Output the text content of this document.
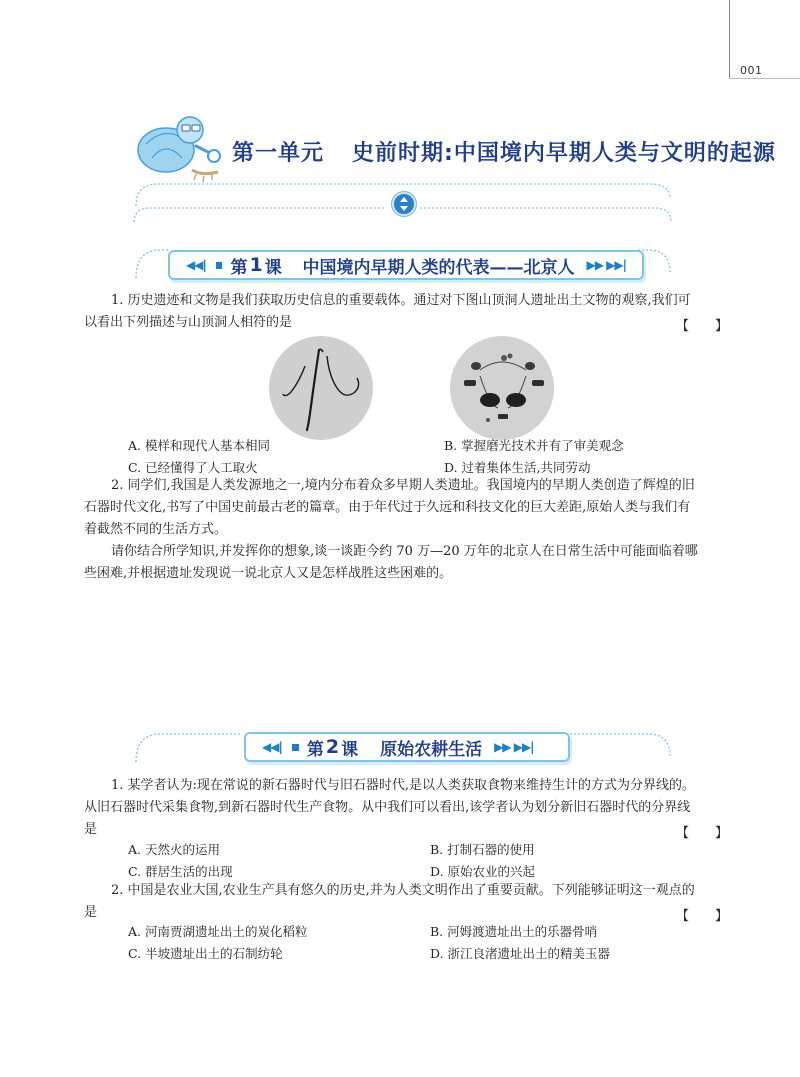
001
第一单元 史前时期:中国境内早期人类与文明的起源
◀◀| 第 1 课 中国境内早期人类的代表——北京人 ▶▶ ▶▶|
1. 历史遗迹和文物是我们获取历史信息的重要载体。通过对下图山顶洞人遗址出土文物的观察,我们可
以看出下列描述与山顶洞人相符的是	【　　】
A. 模样和现代人基本相同	B. 掌握磨光技术并有了审美观念
C. 已经懂得了人工取火	D. 过着集体生活,共同劳动
2. 同学们,我国是人类发源地之一,境内分布着众多早期人类遗址。我国境内的早期人类创造了辉煌的旧
石器时代文化,书写了中国史前最古老的篇章。由于年代过于久远和科技文化的巨大差距,原始人类与我们有
着截然不同的生活方式。
请你结合所学知识,并发挥你的想象,谈一谈距今约 70 万—20 万年的北京人在日常生活中可能面临着哪
些困难,并根据遗址发现说一说北京人又是怎样战胜这些困难的。
◀◀| 第 2 课 原始农耕生活 ▶▶ ▶▶|
1. 某学者认为:现在常说的新石器时代与旧石器时代,是以人类获取食物来维持生计的方式为分界线的。
从旧石器时代采集食物,到新石器时代生产食物。从中我们可以看出,该学者认为划分新旧石器时代的分界线
是	【　　】
A. 天然火的运用	B. 打制石器的使用
C. 群居生活的出现	D. 原始农业的兴起
2. 中国是农业大国,农业生产具有悠久的历史,并为人类文明作出了重要贡献。下列能够证明这一观点的
是	【　　】
A. 河南贾湖遗址出土的炭化稻粒	B. 河姆渡遗址出土的乐器骨哨
C. 半坡遗址出土的石制纺轮	D. 浙江良渚遗址出土的精美玉器
